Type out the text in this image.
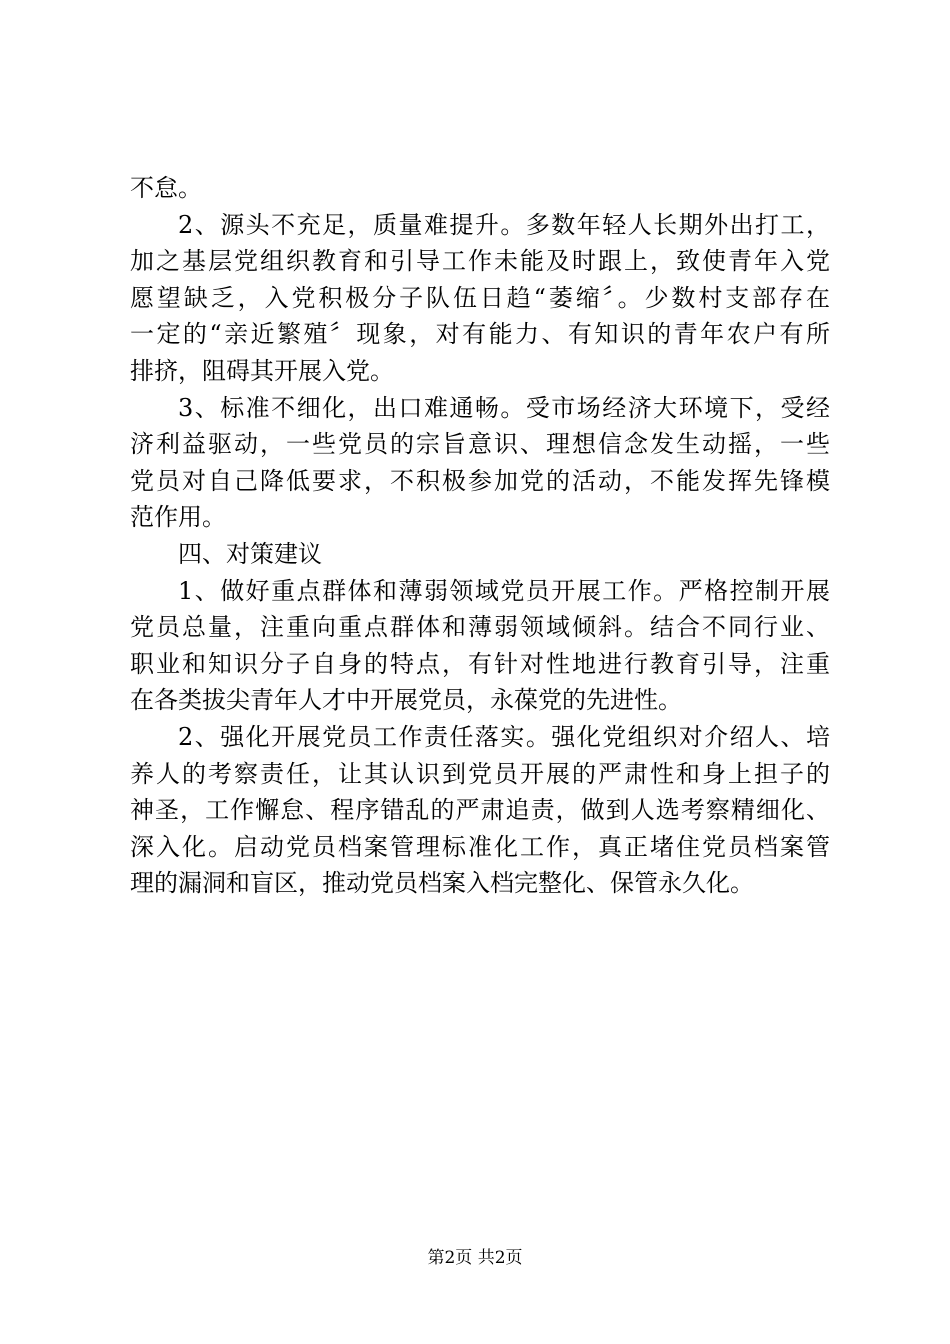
不怠。
2、源头不充足，质量难提升。多数年轻人长期外出打工，
加之基层党组织教育和引导工作未能及时跟上，致使青年入党
愿望缺乏，入党积极分子队伍日趋“萎缩〞。少数村支部存在
一定的“亲近繁殖〞现象，对有能力、有知识的青年农户有所
排挤，阻碍其开展入党。
3、标准不细化，出口难通畅。受市场经济大环境下，受经
济利益驱动，一些党员的宗旨意识、理想信念发生动摇，一些
党员对自己降低要求，不积极参加党的活动，不能发挥先锋模
范作用。
四、对策建议
1、做好重点群体和薄弱领域党员开展工作。严格控制开展
党员总量，注重向重点群体和薄弱领域倾斜。结合不同行业、
职业和知识分子自身的特点，有针对性地进行教育引导，注重
在各类拔尖青年人才中开展党员，永葆党的先进性。
2、强化开展党员工作责任落实。强化党组织对介绍人、培
养人的考察责任，让其认识到党员开展的严肃性和身上担子的
神圣，工作懈怠、程序错乱的严肃追责，做到人选考察精细化、
深入化。启动党员档案管理标准化工作，真正堵住党员档案管
理的漏洞和盲区，推动党员档案入档完整化、保管永久化。
第2页 共2页
